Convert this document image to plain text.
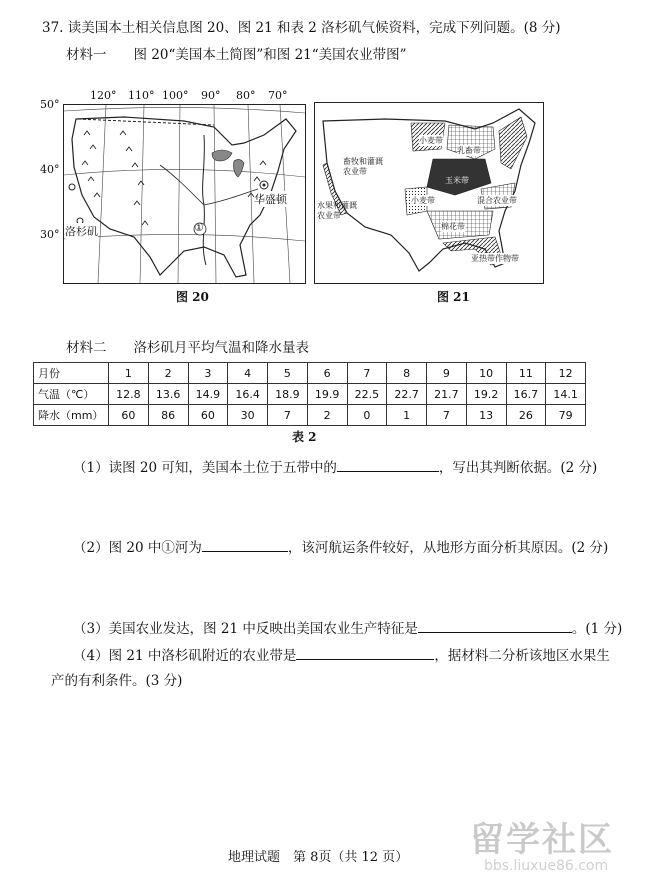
37. 读美国本土相关信息图 20、图 21 和表 2 洛杉矶气候资料，完成下列问题。(8 分)
材料一　　图 20“美国本土简图”和图 21“美国农业带图”
120° 110° 100° 90° 80° 70°
50°
40°
30°
①
洛杉矶
华盛顿
图 20
小麦带
乳畜带
畜牧和灌溉农业带
玉米带
小麦带	混合农业带
水果和灌溉农业带
棉花带
亚热带作物带
图 21
材料二　　洛杉矶月平均气温和降水量表
月份	1	2	3	4	5	6	7	8	9	10	11	12
气温（℃）	12.8	13.6	14.9	16.4	18.9	19.9	22.5	22.7	21.7	19.2	16.7	14.1
降水（mm）	60	86	60	30	7	2	0	1	7	13	26	79
表 2
（1）读图 20 可知，美国本土位于五带中的	，写出其判断依据。(2 分)
（2）图 20 中①河为	，该河航运条件较好，从地形方面分析其原因。(2 分)
（3）美国农业发达，图 21 中反映出美国农业生产特征是	。(1 分)
（4）图 21 中洛杉矶附近的农业带是	，据材料二分析该地区水果生
产的有利条件。(3 分)
地理试题　第 8页（共 12 页） 留学社区
bbs.liuxue86.com
